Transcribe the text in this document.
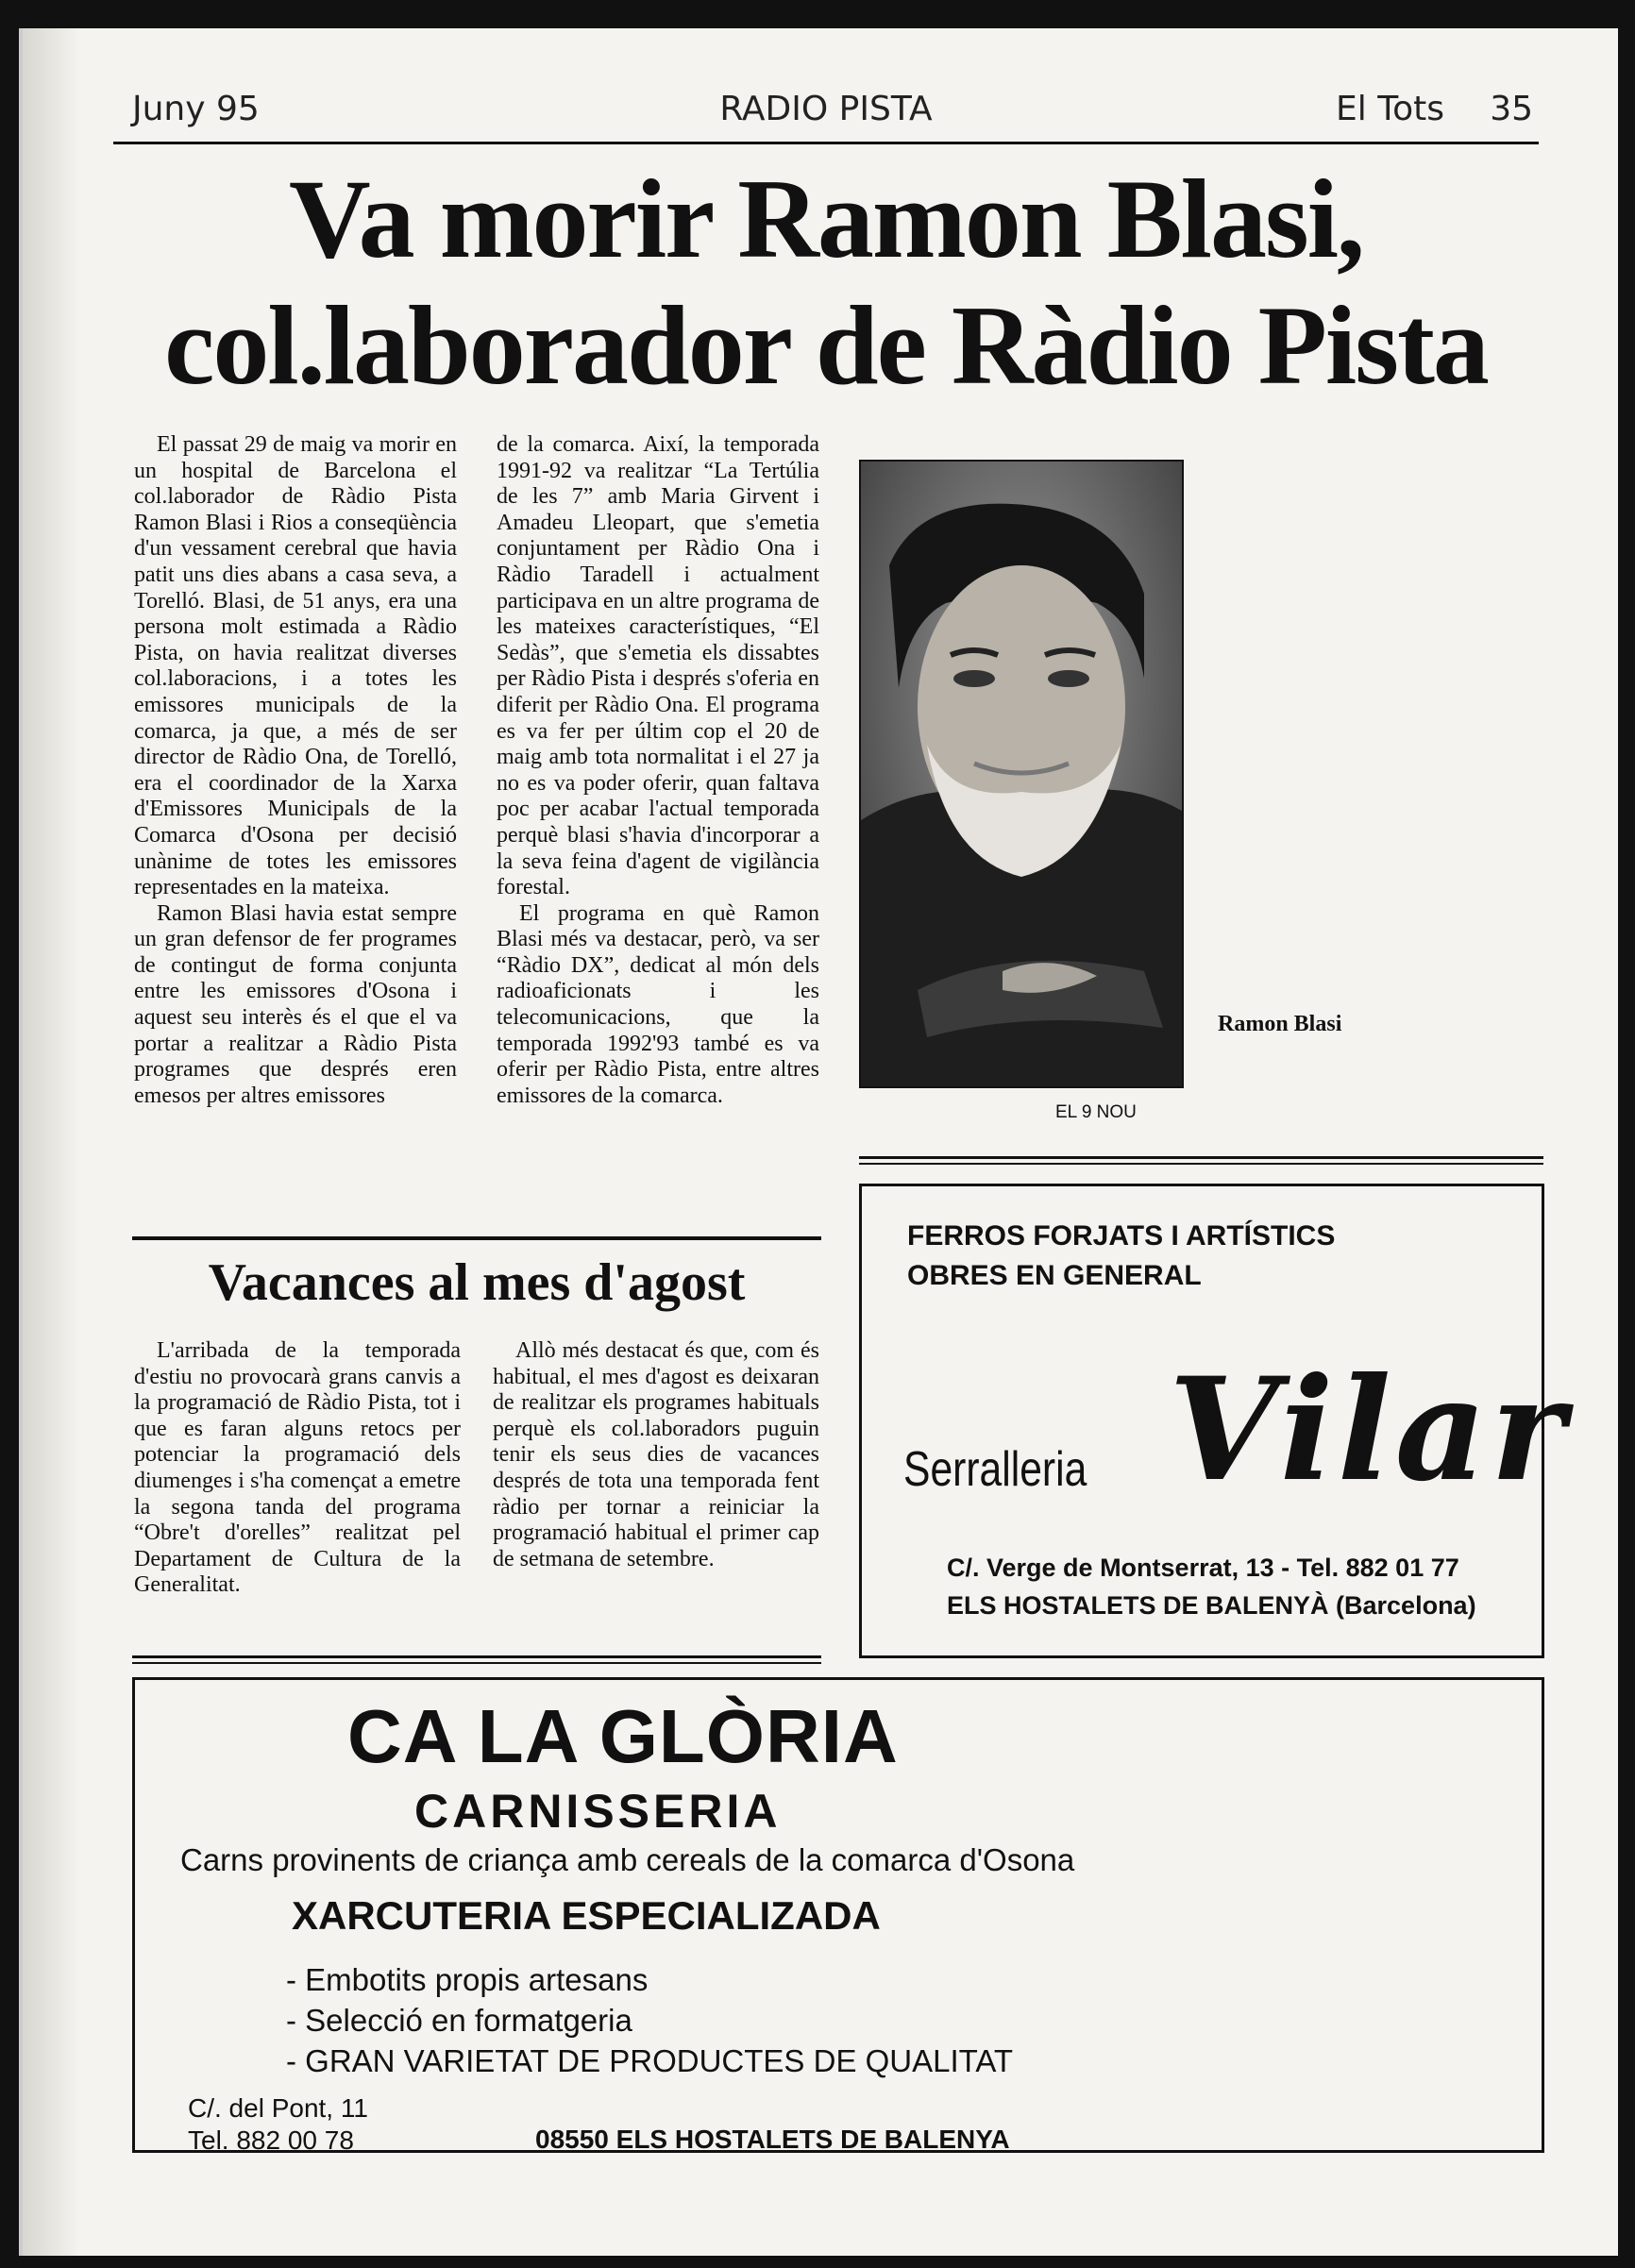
Juny 95	RADIO PISTA	El Tots 35
Va morir Ramon Blasi,
col.laborador de Ràdio Pista

El passat 29 de maig va morir en un hospital de Barcelona el col.laborador de Ràdio Pista Ramon Blasi i Rios a conseqüència d'un vessament cerebral que havia patit uns dies abans a casa seva, a Torelló. Blasi, de 51 anys, era una persona molt estimada a Ràdio Pista, on havia realitzat diverses col.laboracions, i a totes les emissores municipals de la comarca, ja que, a més de ser director de Ràdio Ona, de Torelló, era el coordinador de la Xarxa d'Emissores Municipals de la Comarca d'Osona per decisió unànime de totes les emissores representades en la mateixa.

Ramon Blasi havia estat sempre un gran defensor de fer programes de contingut de forma conjunta entre les emissores d'Osona i aquest seu interès és el que el va portar a realitzar a Ràdio Pista programes que després eren emesos per altres emissores

de la comarca. Així, la temporada 1991-92 va realitzar “La Tertúlia de les 7” amb Maria Girvent i Amadeu Lleopart, que s'emetia conjuntament per Ràdio Ona i Ràdio Taradell i actualment participava en un altre programa de les mateixes característiques, “El Sedàs”, que s'emetia els dissabtes per Ràdio Pista i després s'oferia en diferit per Ràdio Ona. El programa es va fer per últim cop el 20 de maig amb tota normalitat i el 27 ja no es va poder oferir, quan faltava poc per acabar l'actual temporada perquè blasi s'havia d'incorporar a la seva feina d'agent de vigilància forestal.

El programa en què Ramon Blasi més va destacar, però, va ser “Ràdio DX”, dedicat al món dels radioaficionats i les telecomunicacions, que la temporada 1992'93 també es va oferir per Ràdio Pista, entre altres emissores de la comarca.

Ramon Blasi
EL 9 NOU
Vacances al mes d'agost

L'arribada de la temporada d'estiu no provocarà grans canvis a la programació de Ràdio Pista, tot i que es faran alguns retocs per potenciar la programació dels diumenges i s'ha començat a emetre la segona tanda del programa “Obre't d'orelles” realitzat pel Departament de Cultura de la Generalitat.

Allò més destacat és que, com és habitual, el mes d'agost es deixaran de realitzar els programes habituals perquè els col.laboradors puguin tenir els seus dies de vacances després de tota una temporada fent ràdio per tornar a reiniciar la programació habitual el primer cap de setmana de setembre.

FERROS FORJATS I ARTÍSTICS
OBRES EN GENERAL
Serralleria Vilar
C/. Verge de Montserrat, 13 - Tel. 882 01 77
ELS HOSTALETS DE BALENYÀ (Barcelona)
CA LA GLÒRIA
CARNISSERIA
Carns provinents de criança amb cereals de la comarca d'Osona
XARCUTERIA ESPECIALIZADA
- Embotits propis artesans
- Selecció en formatgeria
- GRAN VARIETAT DE PRODUCTES DE QUALITAT
C/. del Pont, 11
Tel. 882 00 78	08550 ELS HOSTALETS DE BALENYA
